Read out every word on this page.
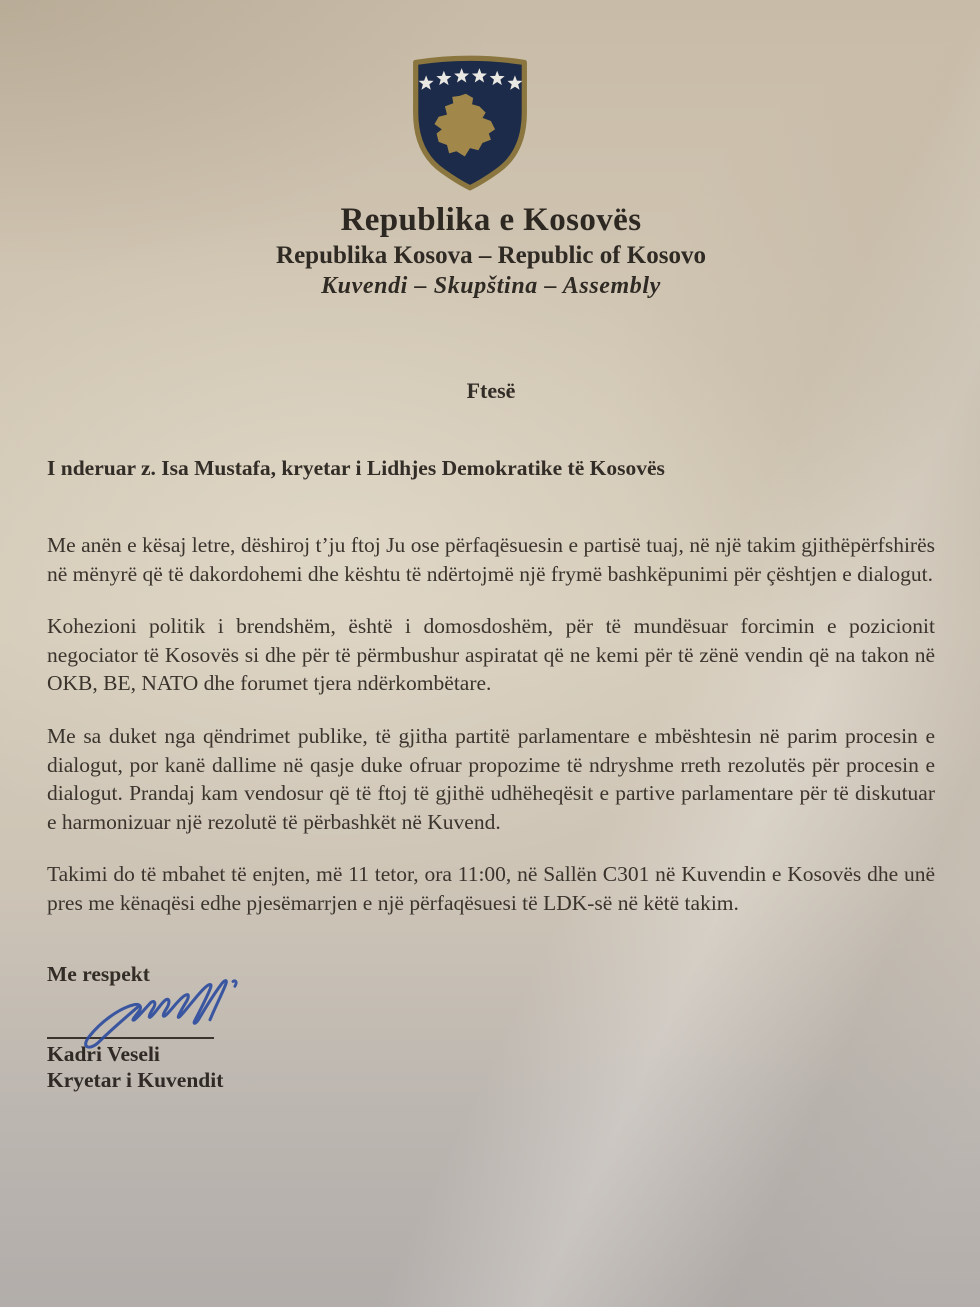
Republika e Kosovës
Republika Kosova – Republic of Kosovo
Kuvendi – Skupština – Assembly
Ftesë
I nderuar z. Isa Mustafa, kryetar i Lidhjes Demokratike të Kosovës

Me anën e kësaj letre, dëshiroj t’ju ftoj Ju ose përfaqësuesin e partisë tuaj, në një takim gjithëpërfshirës në mënyrë që të dakordohemi dhe kështu të ndërtojmë një frymë bashkëpunimi për çështjen e dialogut.

Kohezioni politik i brendshëm, është i domosdoshëm, për të mundësuar forcimin e pozicionit negociator të Kosovës si dhe për të përmbushur aspiratat që ne kemi për të zënë vendin që na takon në OKB, BE, NATO dhe forumet tjera ndërkombëtare.

Me sa duket nga qëndrimet publike, të gjitha partitë parlamentare e mbështesin në parim procesin e dialogut, por kanë dallime në qasje duke ofruar propozime të ndryshme rreth rezolutës për procesin e dialogut. Prandaj kam vendosur që të ftoj të gjithë udhëheqësit e partive parlamentare për të diskutuar e harmonizuar një rezolutë të përbashkët në Kuvend.

Takimi do të mbahet të enjten, më 11 tetor, ora 11:00, në Sallën C301 në Kuvendin e Kosovës dhe unë pres me kënaqësi edhe pjesëmarrjen e një përfaqësuesi të LDK-së në këtë takim.

Me respekt
Kadri Veseli
Kryetar i Kuvendit
